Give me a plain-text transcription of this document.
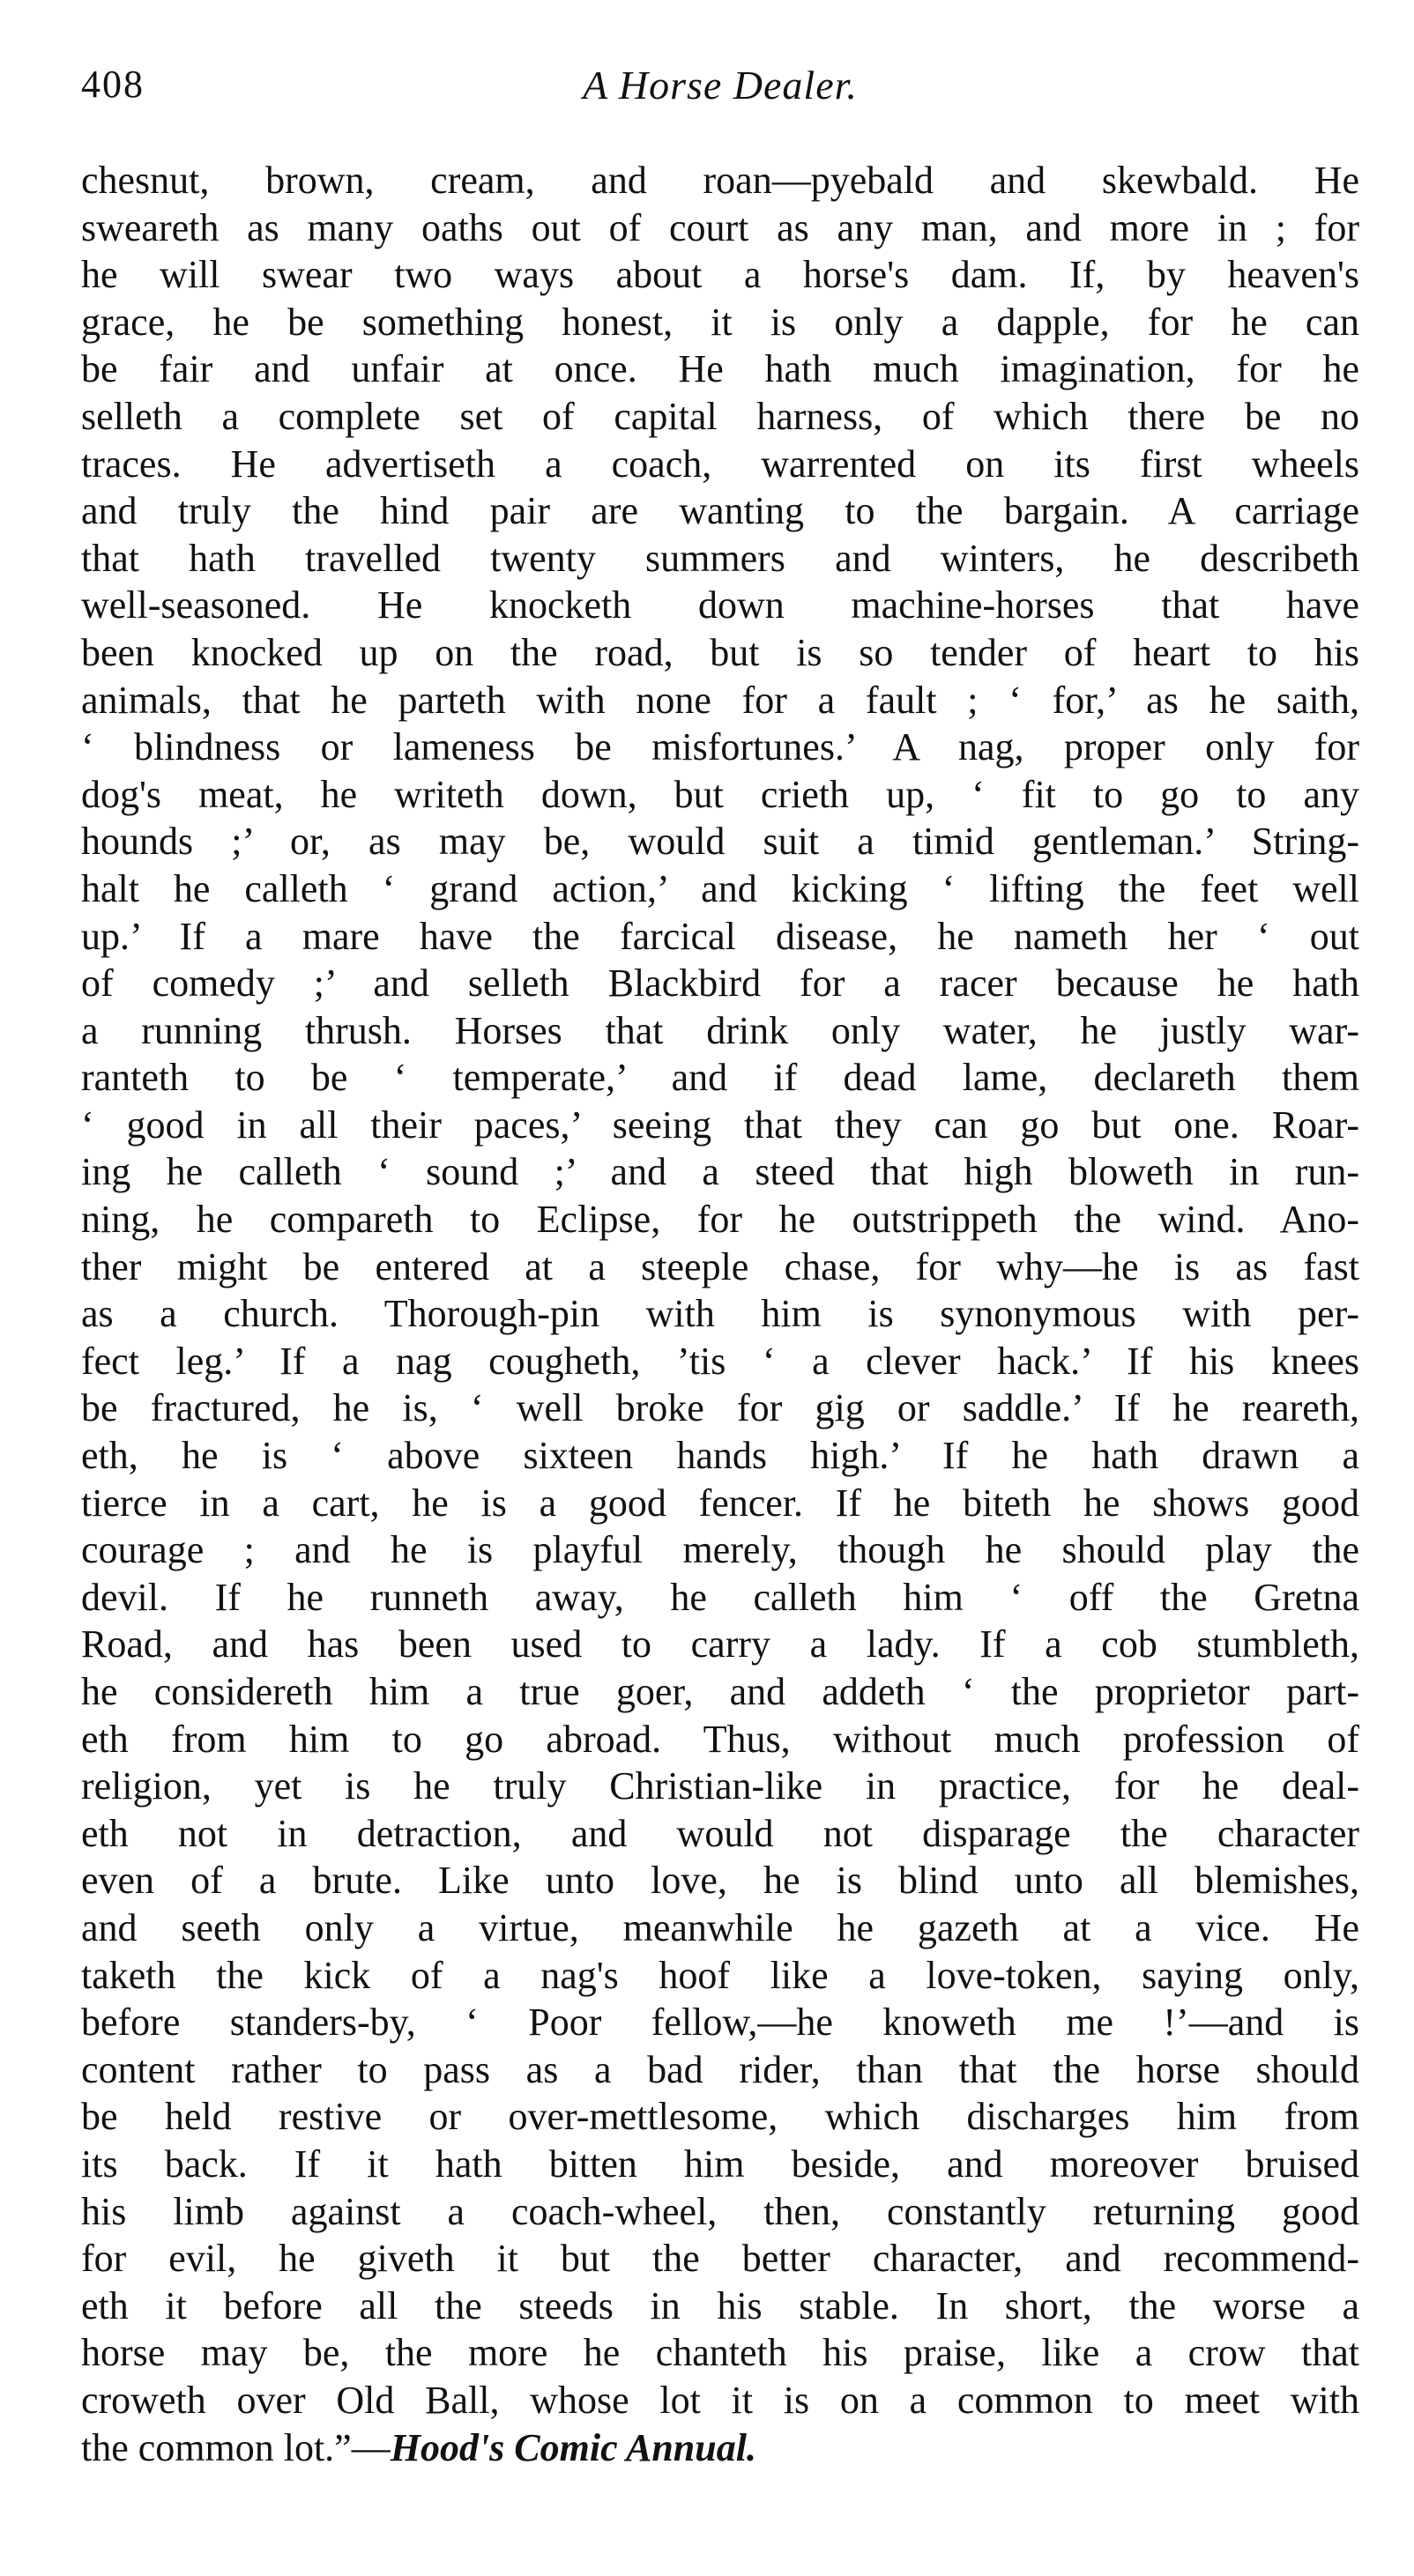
408	A Horse Dealer.
chesnut, brown, cream, and roan—pyebald and skewbald. He
sweareth as many oaths out of court as any man, and more in ; for
he will swear two ways about a horse's dam. If, by heaven's
grace, he be something honest, it is only a dapple, for he can
be fair and unfair at once. He hath much imagination, for he
selleth a complete set of capital harness, of which there be no
traces. He advertiseth a coach, warrented on its first wheels
and truly the hind pair are wanting to the bargain. A carriage
that hath travelled twenty summers and winters, he describeth
well-seasoned. He knocketh down machine-horses that have
been knocked up on the road, but is so tender of heart to his
animals, that he parteth with none for a fault ; ‘ for,’ as he saith,
‘ blindness or lameness be misfortunes.’ A nag, proper only for
dog's meat, he writeth down, but crieth up, ‘ fit to go to any
hounds ;’ or, as may be, would suit a timid gentleman.’ String-
halt he calleth ‘ grand action,’ and kicking ‘ lifting the feet well
up.’ If a mare have the farcical disease, he nameth her ‘ out
of comedy ;’ and selleth Blackbird for a racer because he hath
a running thrush. Horses that drink only water, he justly war-
ranteth to be ‘ temperate,’ and if dead lame, declareth them
‘ good in all their paces,’ seeing that they can go but one. Roar-
ing he calleth ‘ sound ;’ and a steed that high bloweth in run-
ning, he compareth to Eclipse, for he outstrippeth the wind. Ano-
ther might be entered at a steeple chase, for why—he is as fast
as a church. Thorough-pin with him is synonymous with per-
fect leg.’ If a nag cougheth, ’tis ‘ a clever hack.’ If his knees
be fractured, he is, ‘ well broke for gig or saddle.’ If he reareth,
eth, he is ‘ above sixteen hands high.’ If he hath drawn a
tierce in a cart, he is a good fencer. If he biteth he shows good
courage ; and he is playful merely, though he should play the
devil. If he runneth away, he calleth him ‘ off the Gretna
Road, and has been used to carry a lady. If a cob stumbleth,
he considereth him a true goer, and addeth ‘ the proprietor part-
eth from him to go abroad. Thus, without much profession of
religion, yet is he truly Christian-like in practice, for he deal-
eth not in detraction, and would not disparage the character
even of a brute. Like unto love, he is blind unto all blemishes,
and seeth only a virtue, meanwhile he gazeth at a vice. He
taketh the kick of a nag's hoof like a love-token, saying only,
before standers-by, ‘ Poor fellow,—he knoweth me !’—and is
content rather to pass as a bad rider, than that the horse should
be held restive or over-mettlesome, which discharges him from
its back. If it hath bitten him beside, and moreover bruised
his limb against a coach-wheel, then, constantly returning good
for evil, he giveth it but the better character, and recommend-
eth it before all the steeds in his stable. In short, the worse a
horse may be, the more he chanteth his praise, like a crow that
croweth over Old Ball, whose lot it is on a common to meet with
the common lot.”—Hood's Comic Annual.
